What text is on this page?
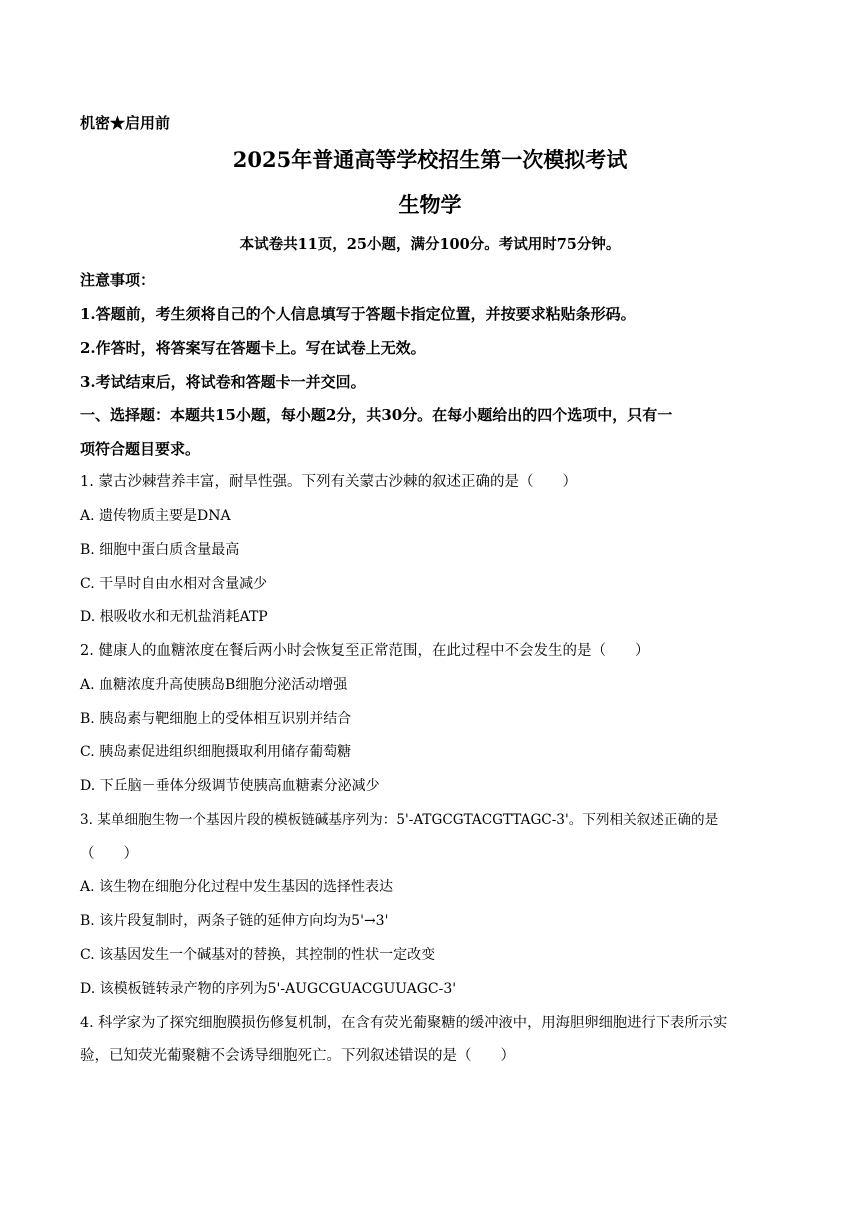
机密★启用前
2025年普通高等学校招生第一次模拟考试
生物学
本试卷共11页，25小题，满分100分。考试用时75分钟。
注意事项：
1.答题前，考生须将自己的个人信息填写于答题卡指定位置，并按要求粘贴条形码。
2.作答时，将答案写在答题卡上。写在试卷上无效。
3.考试结束后，将试卷和答题卡一并交回。
一、选择题：本题共15小题，每小题2分，共30分。在每小题给出的四个选项中，只有一
项符合题目要求。
1. 蒙古沙棘营养丰富，耐旱性强。下列有关蒙古沙棘的叙述正确的是（　　）
A. 遗传物质主要是DNA
B. 细胞中蛋白质含量最高
C. 干旱时自由水相对含量减少
D. 根吸收水和无机盐消耗ATP
2. 健康人的血糖浓度在餐后两小时会恢复至正常范围，在此过程中不会发生的是（　　）
A. 血糖浓度升高使胰岛B细胞分泌活动增强
B. 胰岛素与靶细胞上的受体相互识别并结合
C. 胰岛素促进组织细胞摄取利用储存葡萄糖
D. 下丘脑－垂体分级调节使胰高血糖素分泌减少
3. 某单细胞生物一个基因片段的模板链碱基序列为：5'-ATGCGTACGTTAGC-3'。下列相关叙述正确的是
（　　）
A. 该生物在细胞分化过程中发生基因的选择性表达
B. 该片段复制时，两条子链的延伸方向均为5'→3'
C. 该基因发生一个碱基对的替换，其控制的性状一定改变
D. 该模板链转录产物的序列为5'-AUGCGUACGUUAGC-3'
4. 科学家为了探究细胞膜损伤修复机制，在含有荧光葡聚糖的缓冲液中，用海胆卵细胞进行下表所示实
验，已知荧光葡聚糖不会诱导细胞死亡。下列叙述错误的是（　　）
